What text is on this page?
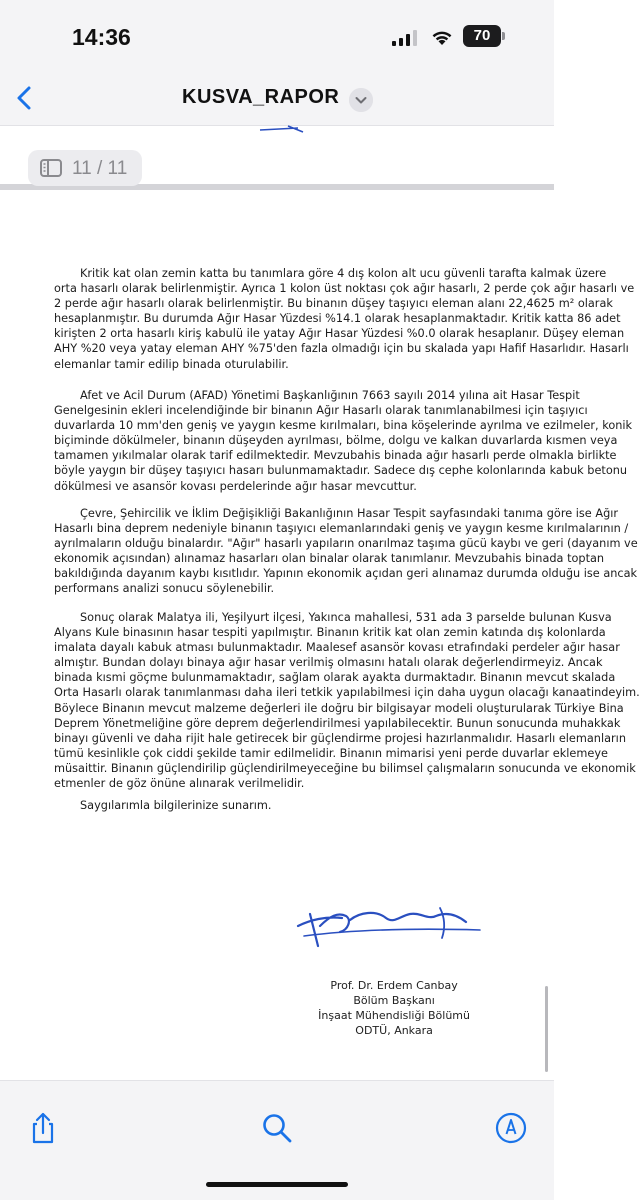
14:36	70
KUSVA_RAPOR
11 / 11
Kritik kat olan zemin katta bu tanımlara göre 4 dış kolon alt ucu güvenli tarafta kalmak üzere
orta hasarlı olarak belirlenmiştir. Ayrıca 1 kolon üst noktası çok ağır hasarlı, 2 perde çok ağır hasarlı ve
2 perde ağır hasarlı olarak belirlenmiştir. Bu binanın düşey taşıyıcı eleman alanı 22,4625 m² olarak
hesaplanmıştır. Bu durumda Ağır Hasar Yüzdesi %14.1 olarak hesaplanmaktadır. Kritik katta 86 adet
kirişten 2 orta hasarlı kiriş kabulü ile yatay Ağır Hasar Yüzdesi %0.0 olarak hesaplanır. Düşey eleman
AHY %20 veya yatay eleman AHY %75'den fazla olmadığı için bu skalada yapı Hafif Hasarlıdır. Hasarlı
elemanlar tamir edilip binada oturulabilir.
Afet ve Acil Durum (AFAD) Yönetimi Başkanlığının 7663 sayılı 2014 yılına ait Hasar Tespit
Genelgesinin ekleri incelendiğinde bir binanın Ağır Hasarlı olarak tanımlanabilmesi için taşıyıcı
duvarlarda 10 mm'den geniş ve yaygın kesme kırılmaları, bina köşelerinde ayrılma ve ezilmeler, konik
biçiminde dökülmeler, binanın düşeyden ayrılması, bölme, dolgu ve kalkan duvarlarda kısmen veya
tamamen yıkılmalar olarak tarif edilmektedir. Mevzubahis binada ağır hasarlı perde olmakla birlikte
böyle yaygın bir düşey taşıyıcı hasarı bulunmamaktadır. Sadece dış cephe kolonlarında kabuk betonu
dökülmesi ve asansör kovası perdelerinde ağır hasar mevcuttur.
Çevre, Şehircilik ve İklim Değişikliği Bakanlığının Hasar Tespit sayfasındaki tanıma göre ise Ağır
Hasarlı bina deprem nedeniyle binanın taşıyıcı elemanlarındaki geniş ve yaygın kesme kırılmalarının /
ayrılmaların olduğu binalardır. "Ağır" hasarlı yapıların onarılmaz taşıma gücü kaybı ve geri (dayanım ve
ekonomik açısından) alınamaz hasarları olan binalar olarak tanımlanır. Mevzubahis binada toptan
bakıldığında dayanım kaybı kısıtlıdır. Yapının ekonomik açıdan geri alınamaz durumda olduğu ise ancak
performans analizi sonucu söylenebilir.
Sonuç olarak Malatya ili, Yeşilyurt ilçesi, Yakınca mahallesi, 531 ada 3 parselde bulunan Kusva
Alyans Kule binasının hasar tespiti yapılmıştır. Binanın kritik kat olan zemin katında dış kolonlarda
imalata dayalı kabuk atması bulunmaktadır. Maalesef asansör kovası etrafındaki perdeler ağır hasar
almıştır. Bundan dolayı binaya ağır hasar verilmiş olmasını hatalı olarak değerlendirmeyiz. Ancak
binada kısmi göçme bulunmamaktadır, sağlam olarak ayakta durmaktadır. Binanın mevcut skalada
Orta Hasarlı olarak tanımlanması daha ileri tetkik yapılabilmesi için daha uygun olacağı kanaatindeyim.
Böylece Binanın mevcut malzeme değerleri ile doğru bir bilgisayar modeli oluşturularak Türkiye Bina
Deprem Yönetmeliğine göre deprem değerlendirilmesi yapılabilecektir. Bunun sonucunda muhakkak
binayı güvenli ve daha rijit hale getirecek bir güçlendirme projesi hazırlanmalıdır. Hasarlı elemanların
tümü kesinlikle çok ciddi şekilde tamir edilmelidir. Binanın mimarisi yeni perde duvarlar eklemeye
müsaittir. Binanın güçlendirilip güçlendirilmeyeceğine bu bilimsel çalışmaların sonucunda ve ekonomik
etmenler de göz önüne alınarak verilmelidir.
Saygılarımla bilgilerinize sunarım.
Prof. Dr. Erdem Canbay
Bölüm Başkanı
İnşaat Mühendisliği Bölümü
ODTÜ, Ankara
